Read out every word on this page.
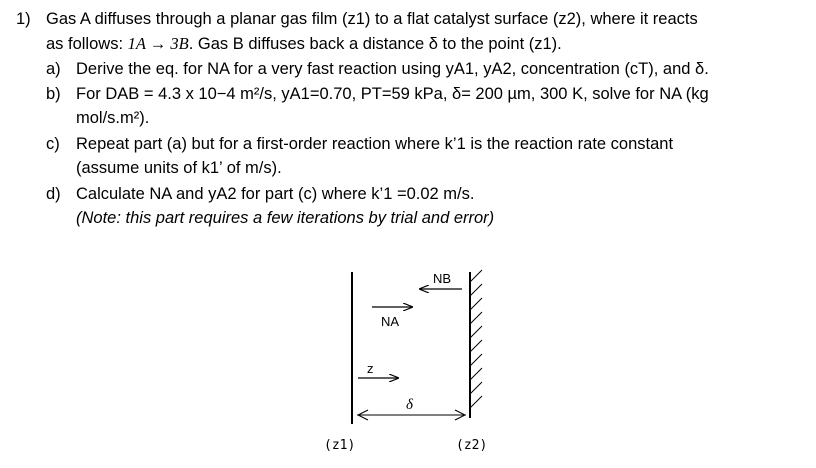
1) Gas A diffuses through a planar gas film (z1) to a flat catalyst surface (z2), where it reacts
as follows: 1A → 3B. Gas B diffuses back a distance δ to the point (z1).
a) Derive the eq. for NA for a very fast reaction using yA1, yA2, concentration (cT), and δ.
b) For DAB = 4.3 x 10−4 m²/s, yA1=0.70, PT=59 kPa, δ= 200 µm, 300 K, solve for NA (kg
mol/s.m²).
c) Repeat part (a) but for a first-order reaction where k’1 is the reaction rate constant
(assume units of k1’ of m/s).
d) Calculate NA and yA2 for part (c) where k’1 =0.02 m/s.
(Note: this part requires a few iterations by trial and error)
NB
NA
z
δ
(z1)	(z2)
